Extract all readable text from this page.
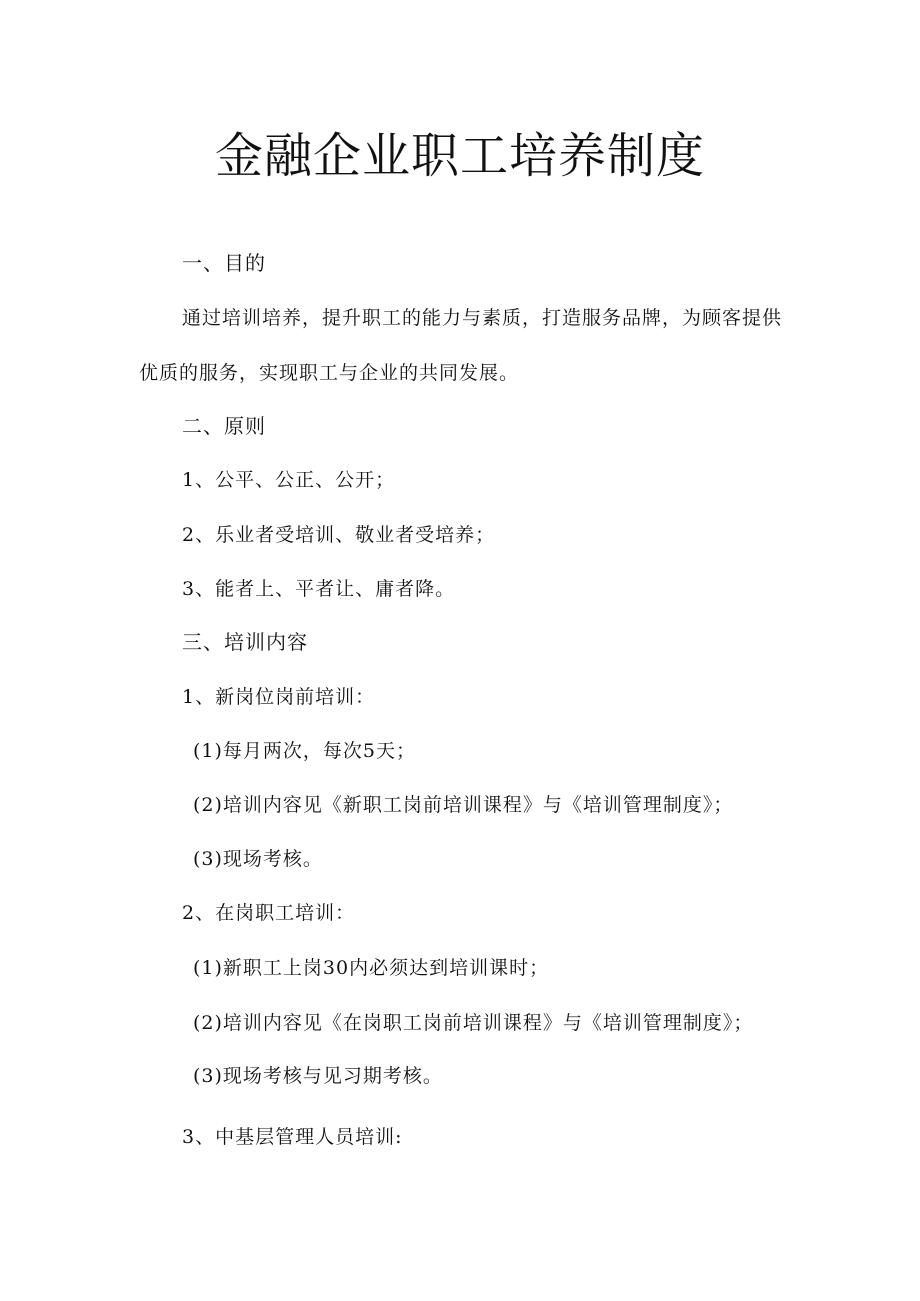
金融企业职工培养制度
一、目的
通过培训培养，提升职工的能力与素质，打造服务品牌，为顾客提供
优质的服务，实现职工与企业的共同发展。
二、原则
1、公平、公正、公开；
2、乐业者受培训、敬业者受培养；
3、能者上、平者让、庸者降。
三、培训内容
1、新岗位岗前培训：
(1)每月两次，每次5天；
(2)培训内容见《新职工岗前培训课程》与《培训管理制度》；
(3)现场考核。
2、在岗职工培训：
(1)新职工上岗30内必须达到培训课时；
(2)培训内容见《在岗职工岗前培训课程》与《培训管理制度》；
(3)现场考核与见习期考核。
3、中基层管理人员培训:
